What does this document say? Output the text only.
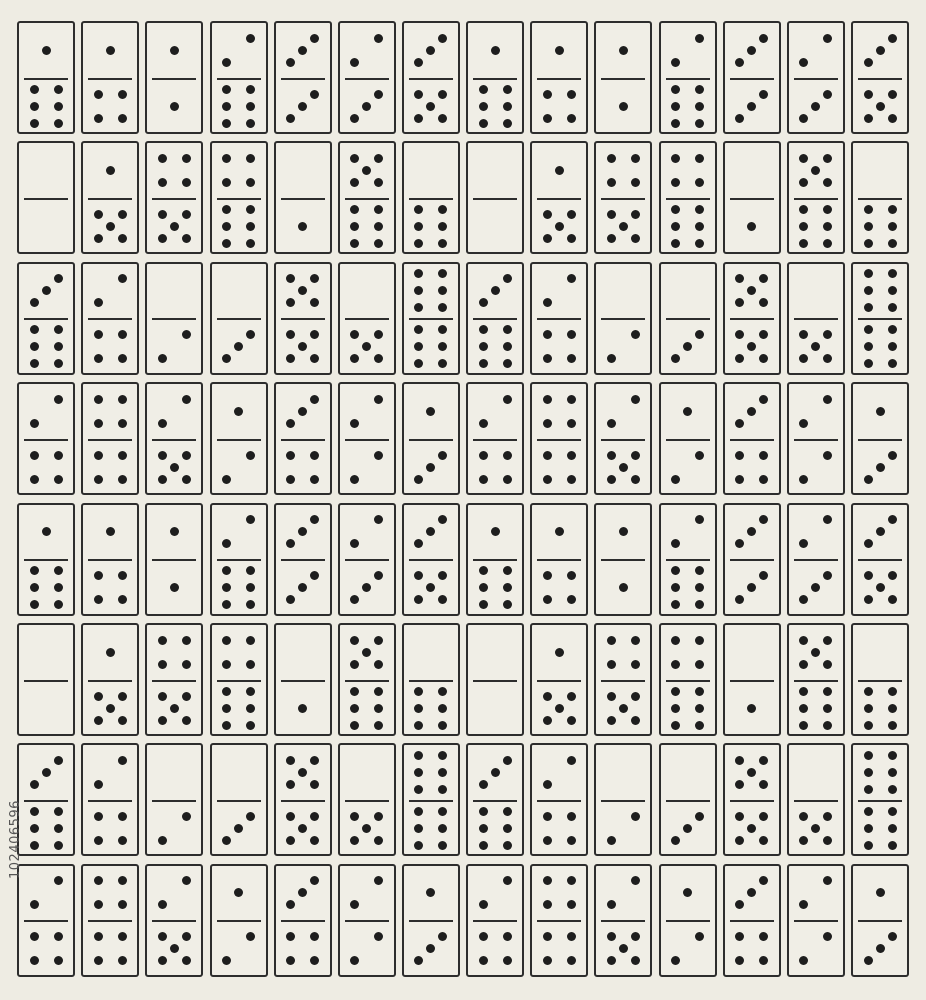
102406596
